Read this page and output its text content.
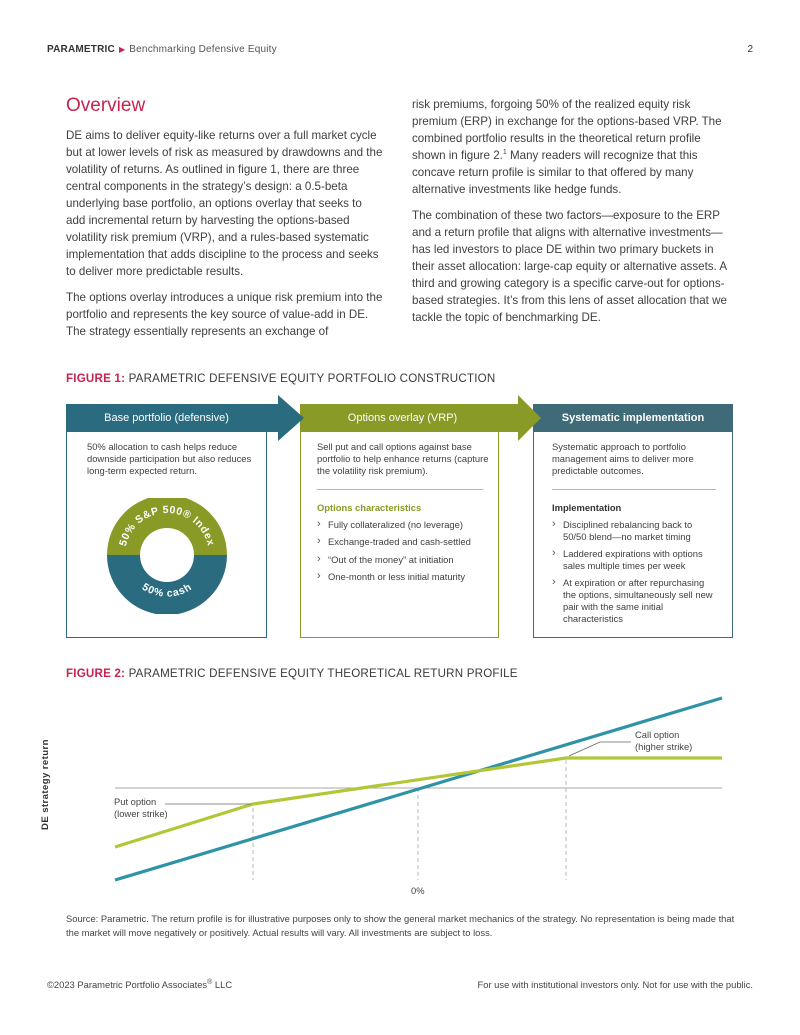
PARAMETRIC ▶ Benchmarking Defensive Equity	2
Overview

DE aims to deliver equity-like returns over a full market cycle but at lower levels of risk as measured by drawdowns and the volatility of returns. As outlined in figure 1, there are three central components in the strategy’s design: a 0.5-beta underlying base portfolio, an options overlay that seeks to add incremental return by harvesting the options-based volatility risk premium (VRP), and a rules-based systematic implementation that adds discipline to the process and seeks to deliver more predictable results.

The options overlay introduces a unique risk premium into the portfolio and represents the key source of value-add in DE. The strategy essentially represents an exchange of

risk premiums, forgoing 50% of the realized equity risk premium (ERP) in exchange for the options-based VRP. The combined portfolio results in the theoretical return profile shown in figure 2.$^1$ Many readers will recognize that this concave return profile is similar to that offered by many alternative investments like hedge funds.

The combination of these two factors—exposure to the ERP and a return profile that aligns with alternative investments—has led investors to place DE within two primary buckets in their asset allocation: large-cap equity or alternative assets. A third and growing category is a specific carve-out for options-based strategies. It’s from this lens of asset allocation that we tackle the topic of benchmarking DE.

FIGURE 1: PARAMETRIC DEFENSIVE EQUITY PORTFOLIO CONSTRUCTION
50% allocation to cash helps reduce downside participation but also reduces long-term expected return.
Sell put and call options against base portfolio to help enhance returns (capture the volatility risk premium).
Options characteristics
› Fully collateralized (no leverage)
› Exchange-traded and cash-settled
› “Out of the money” at initiation
› One-month or less initial maturity
Systematic approach to portfolio management aims to deliver more predictable outcomes.
Implementation
› Disciplined rebalancing back to 50/50 blend—no market timing
› Laddered expirations with options sales multiple times per week
› At expiration or after repurchasing the options, simultaneously sell new pair with the same initial characteristics
Base portfolio (defensive)	Options overlay (VRP)	Systematic implementation
50% S&P 500® Index
50% cash
FIGURE 2: PARAMETRIC DEFENSIVE EQUITY THEORETICAL RETURN PROFILE
DE strategy return	Put option
(lower strike)
Call option
(higher strike)
0%
Source: Parametric. The return profile is for illustrative purposes only to show the general market mechanics of the strategy. No representation is being made that the market will move negatively or positively. Actual results will vary. All investments are subject to loss.
©2023 Parametric Portfolio Associates® LLC	For use with institutional investors only. Not for use with the public.
